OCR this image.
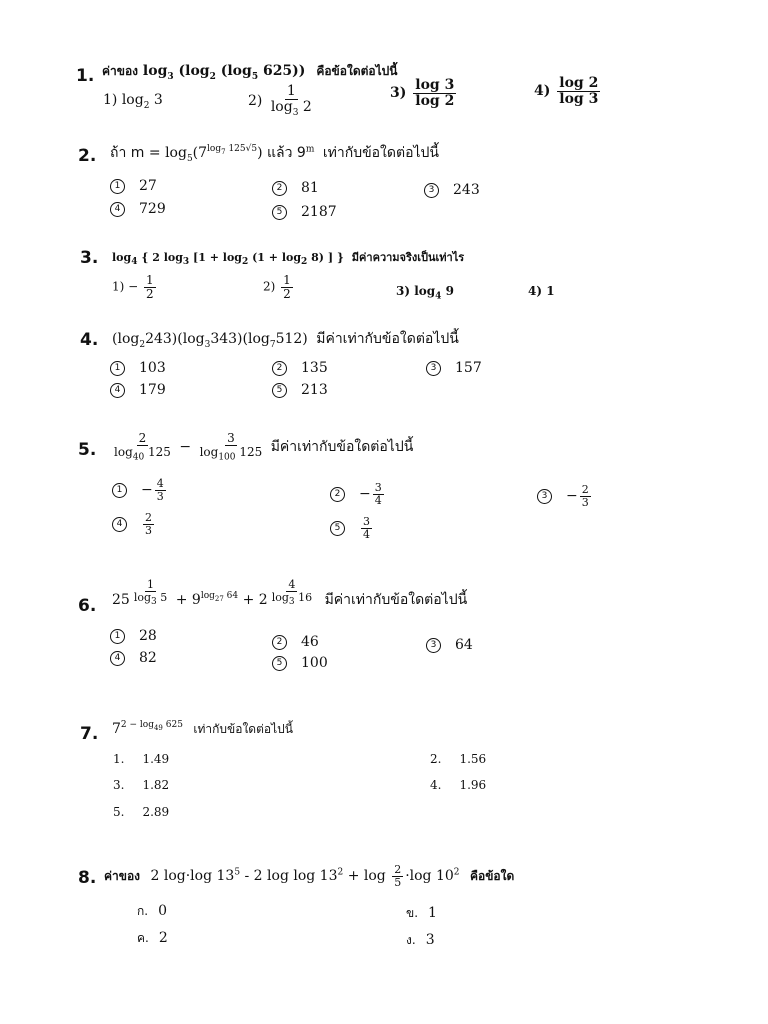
1. ค่าของ $\log_3 (\log_2$ ($\log_5$ 625)) คือข้อใดต่อไปนี้
1) $\log_2 3$	$2) \frac{1}{\log_3 2}$	$3) \frac{\log 3}{\log 2}$	$4) \frac{\log 2}{\log 3}$
2. ถ้า $m = \log_5(7^{log_7 125√5})$ แล้ว 9$^m$ เท่ากับข้อใดต่อไปนี้
1 27	2 81	3 243
4 729	5 2187
3. $\log_4$ { 2 $\log_3 [1 + \log_2 (1 + \log_2 8)$ ] } มีค่าความจริงเป็นเท่าไร
$1) - \frac{1}{2}$	$2) \frac{1}{2}$	3) $\log_4 9$	4) 1
4. $(\log_2243)(\log_3343)(\log_7512)$ มีค่าเท่ากับข้อใดต่อไปนี้
1 103	2 135	3 157
4 179	5 213
5. $\frac{2}{\log_{40} 125} - \frac{3}{\log_{100} 125}$ มีค่าเท่ากับข้อใดต่อไปนี้
$1 - \frac{4}{3}$	$2 - \frac{3}{4}$	$3 - \frac{2}{3}$
$4 \frac{2}{3}$	$5 \frac{3}{4}$
6. $25 \frac{1}{\log_3 5} + 9^{log_{27} 64} + 2 \frac{4}{\log_3 16}$ มีค่าเท่ากับข้อใดต่อไปนี้
1 28	2 46	3 64
4 82	5 100
7. $7^{2 - log_{49} 625}$ เท่ากับข้อใดต่อไปนี้
1. 1.49	2. 1.56
3. 1.82	4. 1.96
5. 2.89
8. ค่าของ 2 log·log $13^5 - 2$ $\log \log 13^2 + \log \frac{2}{5} \cdot\log$ $10^2$ คือข้อใด
ก. 0	ข. 1
ค. 2	ง. 3
